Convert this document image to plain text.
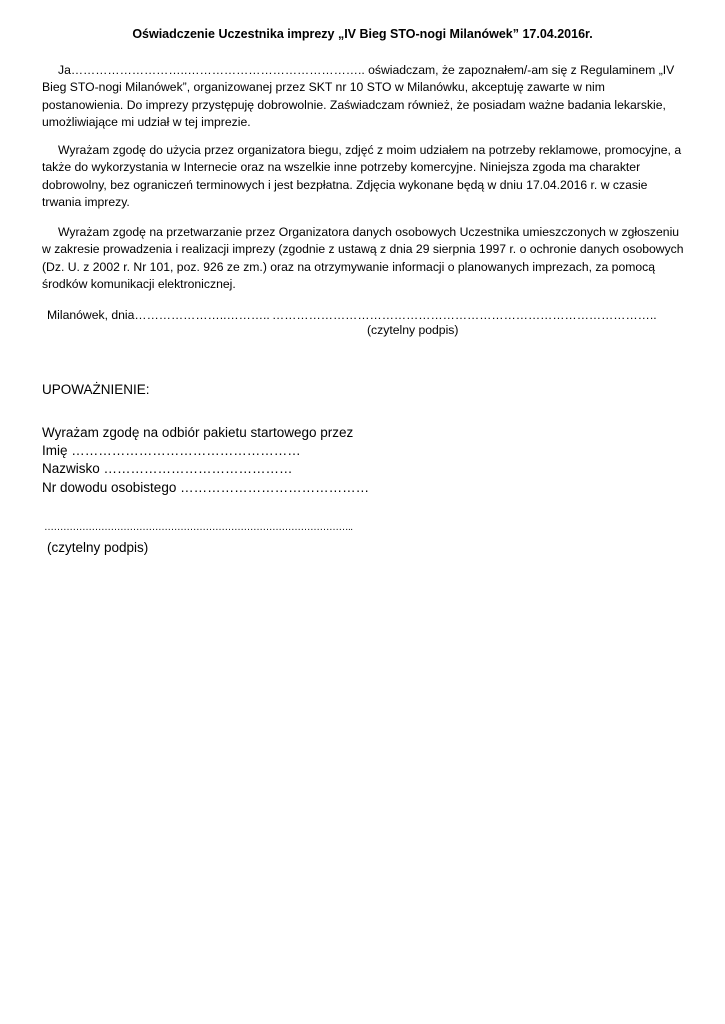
Oświadczenie Uczestnika imprezy „IV Bieg STO-nogi Milanówek” 17.04.2016r.

Ja………………………..…………………………………….. oświadczam, że zapoznałem/-am się z Regulaminem „IV Bieg STO-nogi Milanówek”, organizowanej przez SKT nr 10 STO w Milanówku, akceptuję zawarte w nim postanowienia. Do imprezy przystępuję dobrowolnie. Zaświadczam również, że posiadam ważne badania lekarskie, umożliwiające mi udział w tej imprezie.

Wyrażam zgodę do użycia przez organizatora biegu, zdjęć z moim udziałem na potrzeby reklamowe, promocyjne, a także do wykorzystania w Internecie oraz na wszelkie inne potrzeby komercyjne. Niniejsza zgoda ma charakter dobrowolny, bez ograniczeń terminowych i jest bezpłatna. Zdjęcia wykonane będą w dniu 17.04.2016 r. w czasie trwania imprezy.

Wyrażam zgodę na przetwarzanie przez Organizatora danych osobowych Uczestnika umieszczonych w zgłoszeniu w zakresie prowadzenia i realizacji imprezy (zgodnie z ustawą z dnia 29 sierpnia 1997 r. o ochronie danych osobowych (Dz. U. z 2002 r. Nr 101, poz. 926 ze zm.) oraz na otrzymywanie informacji o planowanych imprezach, za pomocą środków komunikacji elektronicznej.

Milanówek, dnia…………………..……….. …………………………………………………………………………………..
(czytelny podpis)
UPOWAŻNIENIE:
Wyrażam zgodę na odbiór pakietu startowego przez
Imię ……………………………………………
Nazwisko ……………………………………
Nr dowodu osobistego ……………………………………
……………………………………………………………………………………..
(czytelny podpis)
